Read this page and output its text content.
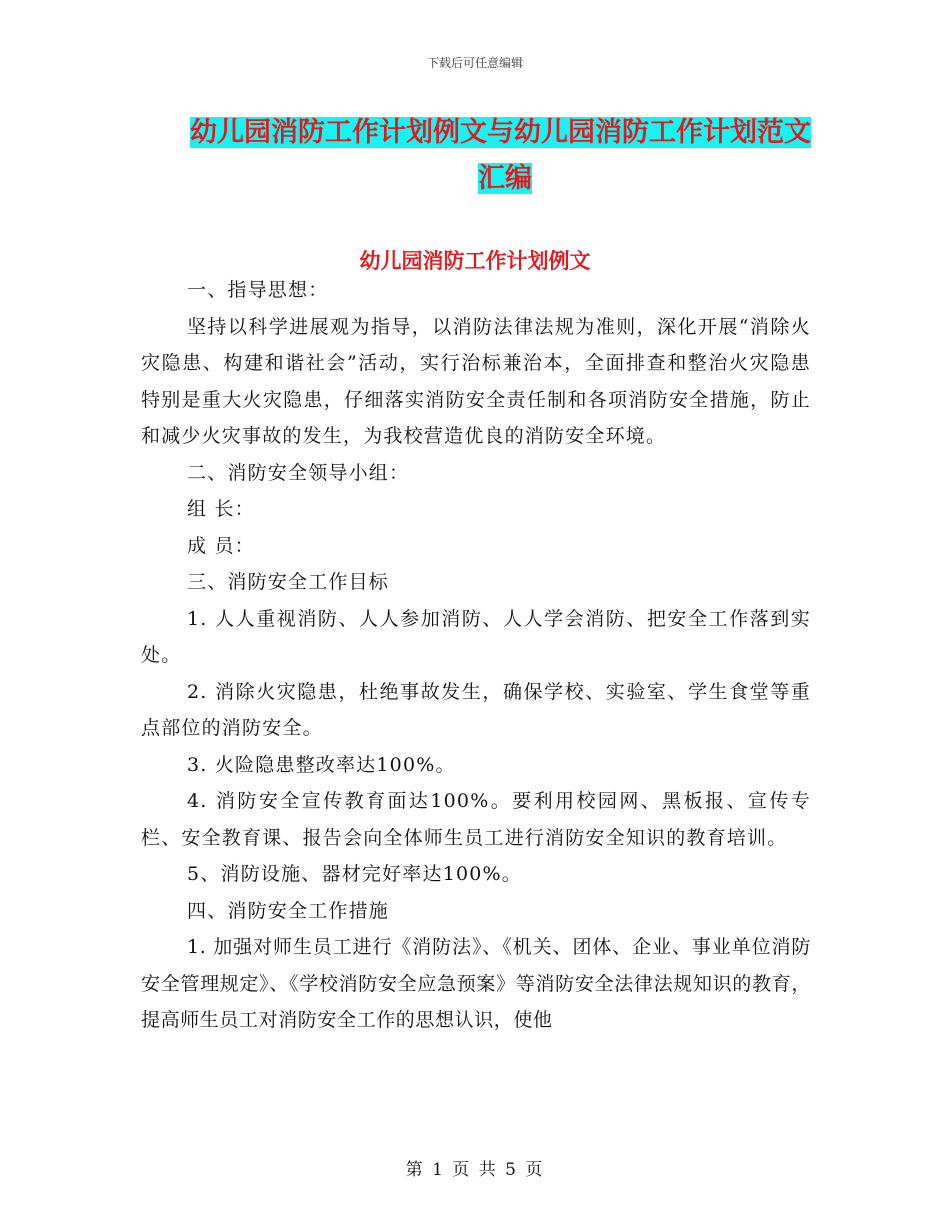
下载后可任意编辑
幼儿园消防工作计划例文与幼儿园消防工作计划范文
汇编
幼儿园消防工作计划例文

一、指导思想：

坚持以科学进展观为指导，以消防法律法规为准则，深化开展“消除火灾隐患、构建和谐社会”活动，实行治标兼治本，全面排查和整治火灾隐患特别是重大火灾隐患，仔细落实消防安全责任制和各项消防安全措施，防止和减少火灾事故的发生，为我校营造优良的消防安全环境。

二、消防安全领导小组：

组 长：

成 员：

三、消防安全工作目标

1. 人人重视消防、人人参加消防、人人学会消防、把安全工作落到实处。

2. 消除火灾隐患，杜绝事故发生，确保学校、实验室、学生食堂等重点部位的消防安全。

3. 火险隐患整改率达100%。

4. 消防安全宣传教育面达100%。要利用校园网、黑板报、宣传专栏、安全教育课、报告会向全体师生员工进行消防安全知识的教育培训。

5、消防设施、器材完好率达100%。

四、消防安全工作措施

1. 加强对师生员工进行《消防法》、《机关、团体、企业、事业单位消防安全管理规定》、《学校消防安全应急预案》等消防安全法律法规知识的教育，提高师生员工对消防安全工作的思想认识，使他

第 1 页 共 5 页
